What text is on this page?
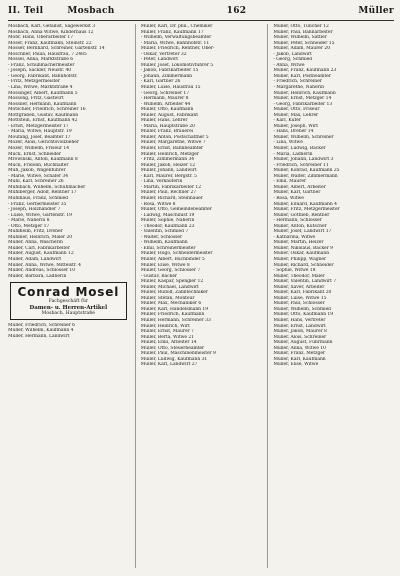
II. Teil	Mosbach	162	Müller
Mosbach, Karl, Gefällist, Sägewerkst 3
Mosbach, Anna Witwe, Kinderhaus 12
Mohr, Hans, Oberarbeiter 17
Moser, Franz, Kaufmann, Steinstr. 22
Mosser, Bernhard, Schreiner, Gartenstr. 14
Moschner, Paula, Hausfrau, 7 2485
Mössel, Anna, Marktstraße 6
- Franz, Schuhmachermeister
- Joseph, Säckler, Neustr. 40
- Georg, Fabrikant, Bahnhofstr.
- Fritz, Metzgermeister
- Lina, Witwe, Marktstraße 4
Mössinger, Albert, Kaufmann 5
Mossong, Fritz, Gastwirt
Mössner, Hermann, Kaufmann
Motschler, Friedrich, Schreiner 16
Mottgraben, Gustav, Kaufmann
Mottstein, Ernst, Kaufmann 42
- Ernst, Metzgermeister 17
- Maria, Witwe, Hauptstr. 19
Moufang, Josef, Beamter 17
Mozer, Alois, Gerichtsvollzieher
Mozer, Wilhelm, Friseur 14
Muck, Ernst, Schneider
Mrowinski, Anton, Kaufmann 8
Mück, Fridolin, Buchhalter
Müh, Jakob, Wagenführer
- Marie, Witwe, Schäfer 34
Muhl, Karl, Schreiner 26
Mühlbach, Wilhelm, Schuhmacher
Mühlberger, Adolf, Rentner 17
Mühlhaus, Franz, Schmied
- Franz, Gerbermeister 35
- Joseph, Holzhändler 7
- Luise, Witwe, Gartenstr. 19
- Marie, Näherin 8
- Otto, Metzger 17
Mühlheim, Fritz, Dreher
Mühlner, Heinrich, Maler 20
Muller, Anna, Wäscherin
Muller, Carl, Fabrikarbeiter
Müller, August, Kaufmann 12
Müller, Adam, Landwirt
Müller, Anna, Witwe, Mittelstr. 4
Müller, Andreas, Schlosser 10
Müller, Barbara, Ladnerin
Conrad Mosel
Fachgeschäft für
Damen- u. Herren-Artikel
Mosbach, Hauptstraße
Müller, Friedrich, Schreiner 6
Müller, Wilhelm, Kaufmann 4
Müller, Hermann, Landwirt
Müller, Karl, Dr. phil., Chemiker
Müller, Franz, Kaufmann 17
- Wilhelm, Verwaltungsbeamter
- Maria, Witwe, Bahnhofstr. 11
Müller, Friedrich, Rentner, Ober-
- Oskar, Vertreter 32
- Peter, Landwirt
Müller, Josef, Lokomotivführer 5
- Jakob, Fabrikarbeiter 15
- Johann, Zimmermann
- Karl, Gärtner 26
Müller, Luise, Hausfrau 15
- Georg, Schreiner 17
- Hermann, Maurer 8
- Wilhelm, Arbeiter 44
Müller, Otto, Kaufmann
Müller, August, Fabrikant
Müller, Hans, Lehrer
- Maria, Hauptstraße 20
Müller, Franz, Brauerei
Müller, Anton, Postschaffner 5
Müller, Margarethe, Witwe 7
Müller, Ernst, Bahnbeamter
Müller, Heinrich, Metzger
- Fritz, Zimmermann 34
Müller, Jakob, Heizer 12
Müller, Johann, Landwirt
- Karl, Maurer, Bergstr. 5
- Lina, Verkäuferin
- Martin, Fabrikarbeiter 12
Müller, Paul, Rechner 27
Müller, Richard, Steinhauer
- Rosa, Witwe 8
Müller, Otto, Gemeindebeamter
- Ludwig, Maschinist 19
Müller, Sophie, Näherin
- Theodor, Kaufmann 23
- Valentin, Schmied 7
- Walter, Schlosser
- Wilhelm, Kaufmann
- Emil, Schreinermeister
Müller, Hugo, Schneidermeister
Müller, Albert, Buchbinder 5
Müller, Elise, Witwe 8
Müller, Georg, Schlosser 7
- Gustav, Bäcker
Müller, Kaspar, Spengler 12
Müller, Michael, Landwirt
Müller, Rudolf, Zahntechniker
Müller, Stefan, Monteur
Müller, Max, Mechaniker 6
Müller, Karl, Handelsmann 19
Müller, Friedrich, Kaufmann
Müller, Hermann, Schreiner 33
Müller, Heinrich, Wirt
Müller, Ernst, Maurer 7
Müller, Berta, Witwe 21
Müller, Emil, Arbeiter 14
Müller, Otto, Steuerbeamter
Müller, Paul, Maschinenmeister 9
Müller, Ludwig, Kaufmann 31
Müller, Karl, Landwirt 27
Müller, Otto, Tüncher 12
Müller, Paul, Bahnarbeiter
Müller, Wilhelm, Sattler
Müller, Peter, Schneider 15
Müller, Adam, Maurer 20
- Jakob, Landwirt
- Georg, Schmied
- Anna, Witwe
Müller, Franz, Kaufmann 23
Müller, Karl, Postbeamter
- Friedrich, Schreiner
- Margarethe, Näherin
Müller, Heinrich, Kaufmann
Müller, Ernst, Metzger 14
- Georg, Fabrikarbeiter 13
Müller, Otto, Friseur
Müller, Max, Lehrer
- Karl, Küfer
Müller, Joseph, Wirt
- Hans, Dreher 14
Müller, Wilhelm, Schreiner
- Lina, Witwe
Müller, Ludwig, Bäcker
- Maria, Ladnerin
Müller, Johann, Landwirt 3
- Friedrich, Schreiner 11
Müller, Konrad, Kaufmann 25
Müller, Walter, Zimmermann
- Emil, Maurer
Müller, Albert, Arbeiter
Müller, Karl, Gärtner
- Rosa, Witwe
Müller, Eduard, Kaufmann 4
Müller, Fritz, Metzgermeister
Müller, Gottlieb, Rentner
- Hermann, Schlosser
Müller, Anton, Kutscher
Müller, Josef, Landwirt 17
- Katharina, Witwe
Müller, Martin, Heizer
Müller, Nikolaus, Bäcker 9
Müller, Oskar, Kaufmann
Müller, Philipp, Wagner
Müller, Richard, Schneider
- Sophie, Witwe 18
Müller, Theodor, Maler
Müller, Valentin, Landwirt 7
Müller, Xaver, Arbeiter
Müller, Karl, Fabrikant 20
Müller, Luise, Witwe 15
Müller, Paul, Schlosser
Müller, Wilhelm, Schmied
Müller, Otto, Kaufmann 19
Müller, Hans, Vertreter
Müller, Ernst, Landwirt
Müller, Jakob, Maurer 8
Müller, Alois, Schreiner
Müller, August, Fuhrmann
Müller, Anna, Witwe 10
Müller, Franz, Metzger
Müller, Karl, Kaufmann
Müller, Elise, Witwe
